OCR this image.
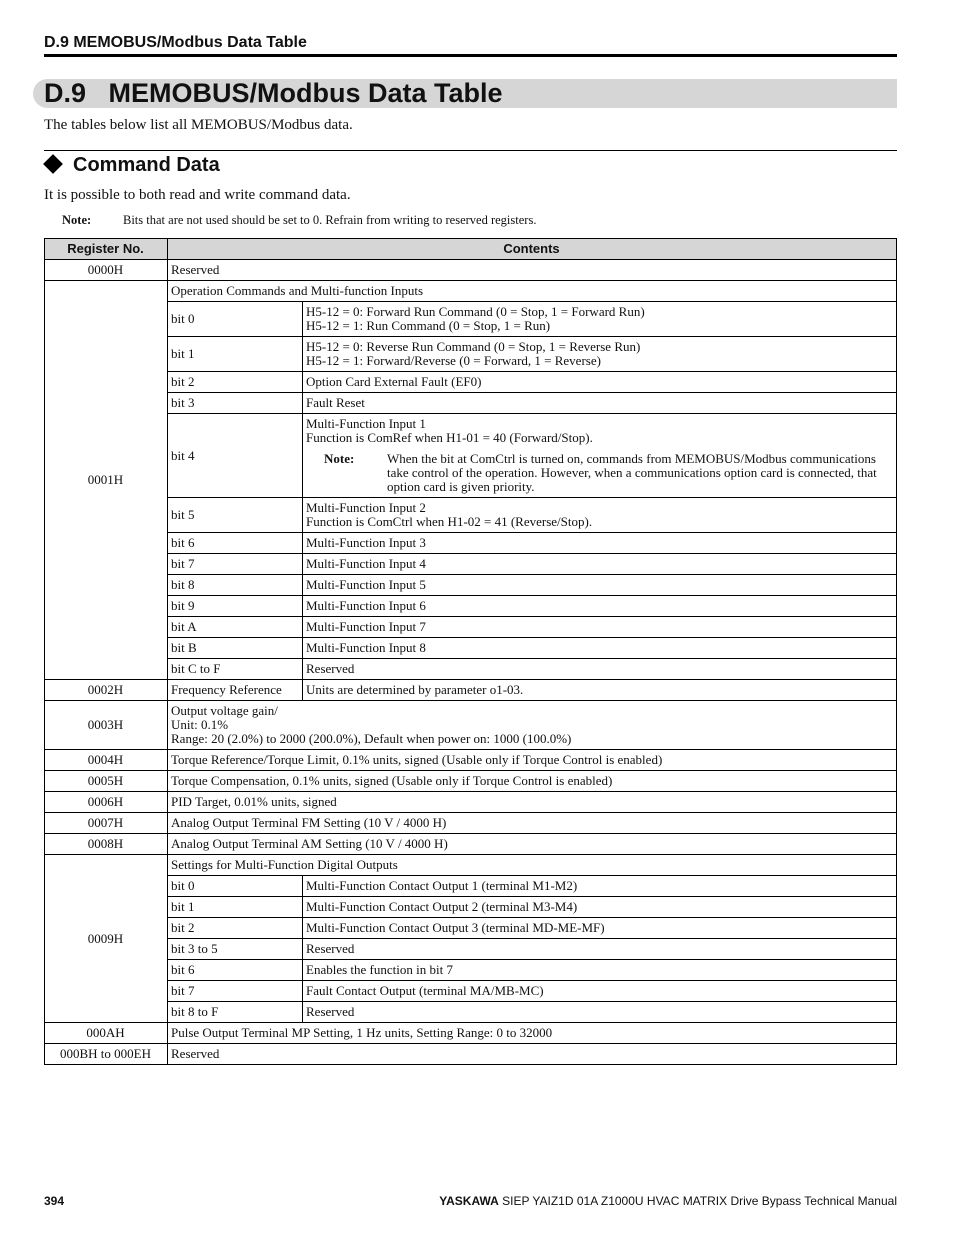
D.9 MEMOBUS/Modbus Data Table
D.9 MEMOBUS/Modbus Data Table
The tables below list all MEMOBUS/Modbus data.
Command Data
It is possible to both read and write command data.
Note:	Bits that are not used should be set to 0. Refrain from writing to reserved registers.
Register No.	Contents	
0000H	Reserved	
0001H	Operation Commands and Multi-function Inputs	
	bit 0	H5-12 = 0: Forward Run Command (0 = Stop, 1 = Forward Run)
H5-12 = 1: Run Command (0 = Stop, 1 = Run)

	bit 1	H5-12 = 0: Reverse Run Command (0 = Stop, 1 = Reverse Run)
H5-12 = 1: Forward/Reverse (0 = Forward, 1 = Reverse)

	bit 2	Option Card External Fault (EF0)
	bit 3	Fault Reset
	bit 4	Multi-Function Input 1
Function is ComRef when H1-01 = 40 (Forward/Stop).
Note: When the bit at ComCtrl is turned on, commands from MEMOBUS/Modbus communications take control of the operation. However, when a communications option card is connected, that option card is given priority.

	bit 5	Multi-Function Input 2
Function is ComCtrl when H1-02 = 41 (Reverse/Stop).

	bit 6	Multi-Function Input 3
	bit 7	Multi-Function Input 4
	bit 8	Multi-Function Input 5
	bit 9	Multi-Function Input 6
	bit A	Multi-Function Input 7
	bit B	Multi-Function Input 8
	bit C to F	Reserved
0002H	Frequency Reference	Units are determined by parameter o1-03.
0003H	Output voltage gain/
Unit: 0.1%
Range: 20 (2.0%) to 2000 (200.0%), Default when power on: 1000 (100.0%)	

0004H	Torque Reference/Torque Limit, 0.1% units, signed (Usable only if Torque Control is enabled)	
0005H	Torque Compensation, 0.1% units, signed (Usable only if Torque Control is enabled)	
0006H	PID Target, 0.01% units, signed	
0007H	Analog Output Terminal FM Setting (10 V / 4000 H)	
0008H	Analog Output Terminal AM Setting (10 V / 4000 H)	
0009H	Settings for Multi-Function Digital Outputs	
	bit 0	Multi-Function Contact Output 1 (terminal M1-M2)
	bit 1	Multi-Function Contact Output 2 (terminal M3-M4)
	bit 2	Multi-Function Contact Output 3 (terminal MD-ME-MF)
	bit 3 to 5	Reserved
	bit 6	Enables the function in bit 7
	bit 7	Fault Contact Output (terminal MA/MB-MC)
	bit 8 to F	Reserved
000AH	Pulse Output Terminal MP Setting, 1 Hz units, Setting Range: 0 to 32000	
000BH to 000EH	Reserved	
394	YASKAWA SIEP YAIZ1D 01A Z1000U HVAC MATRIX Drive Bypass Technical Manual
